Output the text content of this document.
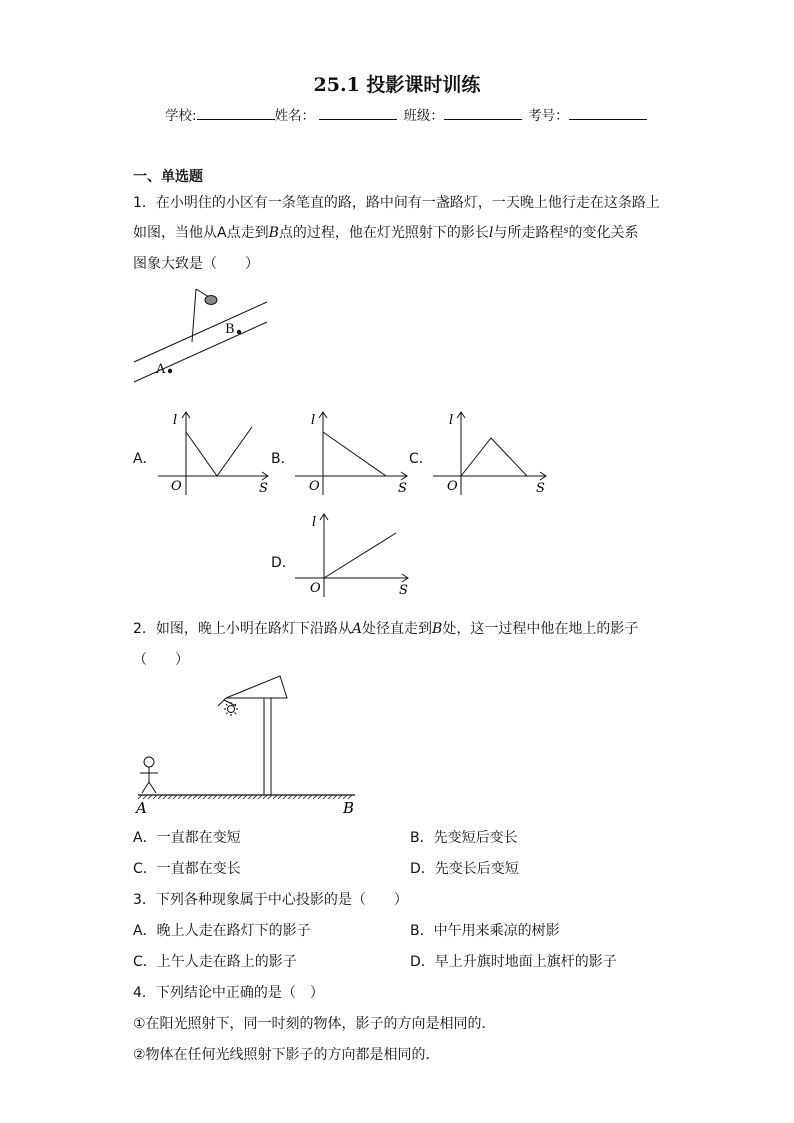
25.1 投影课时训练
学校:	姓名：	班级：	考号：
一、单选题
1．在小明住的小区有一条笔直的路，路中间有一盏路灯，一天晚上他行走在这条路上
如图，当他从A点走到B点的过程，他在灯光照射下的影长l与所走路程$^s$的变化关系
图象大致是（　　）
B
A
A．
l
O	S
B．
l
O	S
C．
l
O	S
D．
l
O	S
2．如图，晚上小明在路灯下沿路从A处径直走到B处，这一过程中他在地上的影子
（　　）
A	B
A．一直都在变短	B．先变短后变长
C．一直都在变长	D．先变长后变短
3．下列各种现象属于中心投影的是（　　）
A．晚上人走在路灯下的影子	B．中午用来乘凉的树影
C．上午人走在路上的影子	D．早上升旗时地面上旗杆的影子
4．下列结论中正确的是（　）
①在阳光照射下，同一时刻的物体，影子的方向是相同的．
②物体在任何光线照射下影子的方向都是相同的．
